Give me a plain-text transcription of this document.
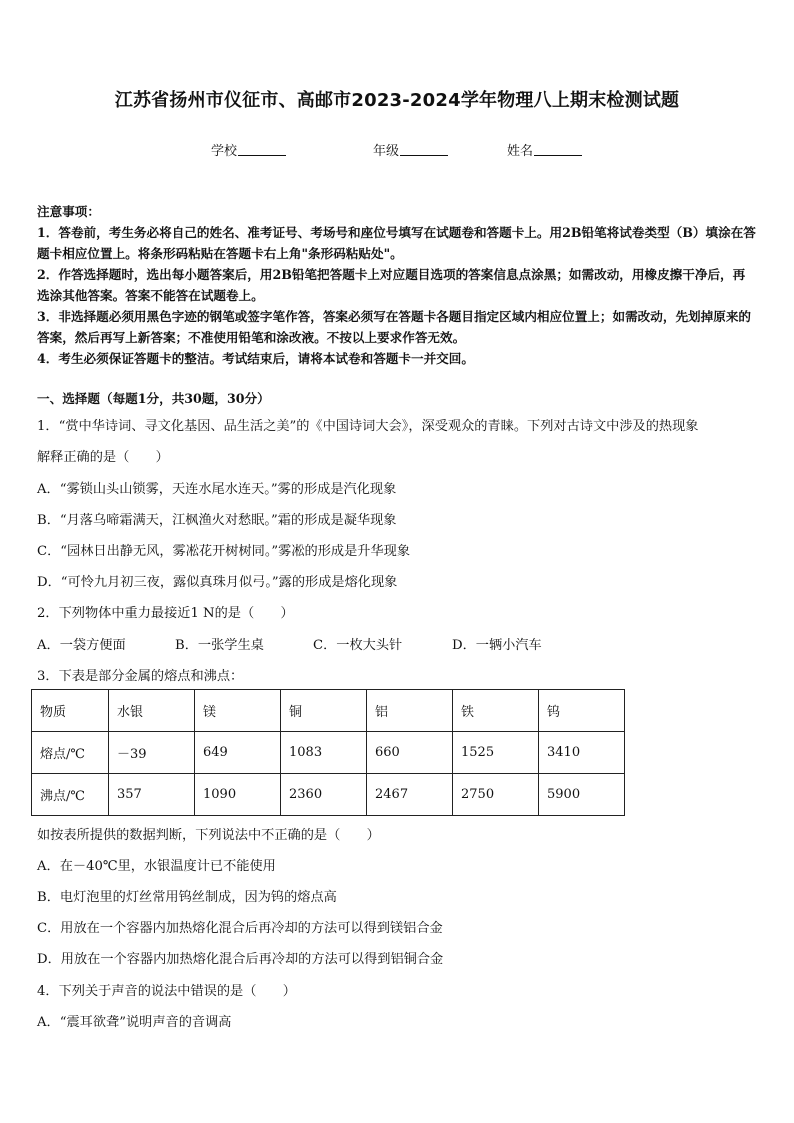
江苏省扬州市仪征市、高邮市2023-2024学年物理八上期末检测试题
学校	年级	姓名

注意事项：

1．答卷前，考生务必将自己的姓名、准考证号、考场号和座位号填写在试题卷和答题卡上。用2B铅笔将试卷类型（B）填涂在答题卡相应位置上。将条形码粘贴在答题卡右上角"条形码粘贴处"。

2．作答选择题时，选出每小题答案后，用2B铅笔把答题卡上对应题目选项的答案信息点涂黑；如需改动，用橡皮擦干净后，再选涂其他答案。答案不能答在试题卷上。

3．非选择题必须用黑色字迹的钢笔或签字笔作答，答案必须写在答题卡各题目指定区域内相应位置上；如需改动，先划掉原来的答案，然后再写上新答案；不准使用铅笔和涂改液。不按以上要求作答无效。

4．考生必须保证答题卡的整洁。考试结束后，请将本试卷和答题卡一并交回。

一、选择题（每题1分，共30题，30分）
1．“赏中华诗词、寻文化基因、品生活之美”的《中国诗词大会》，深受观众的青睐。下列对古诗文中涉及的热现象
解释正确的是（　　）
A．“雾锁山头山锁雾，天连水尾水连天。”雾的形成是汽化现象
B．“月落乌啼霜满天，江枫渔火对愁眠。”霜的形成是凝华现象
C．“园林日出静无风，雾凇花开树树同。”雾凇的形成是升华现象
D．“可怜九月初三夜，露似真珠月似弓。”露的形成是熔化现象
2．下列物体中重力最接近1 N的是（　　）
A．一袋方便面	B．一张学生桌	C．一枚大头针	D．一辆小汽车
3．下表是部分金属的熔点和沸点：
物质	水银	镁	铜	铝	铁	钨
熔点/℃	－39	649	1083	660	1525	3410
沸点/℃	357	1090	2360	2467	2750	5900
如按表所提供的数据判断，下列说法中不正确的是（　　）
A．在－40℃里，水银温度计已不能使用
B．电灯泡里的灯丝常用钨丝制成，因为钨的熔点高
C．用放在一个容器内加热熔化混合后再冷却的方法可以得到镁铝合金
D．用放在一个容器内加热熔化混合后再冷却的方法可以得到铝铜合金
4．下列关于声音的说法中错误的是（　　）
A．“震耳欲聋”说明声音的音调高
